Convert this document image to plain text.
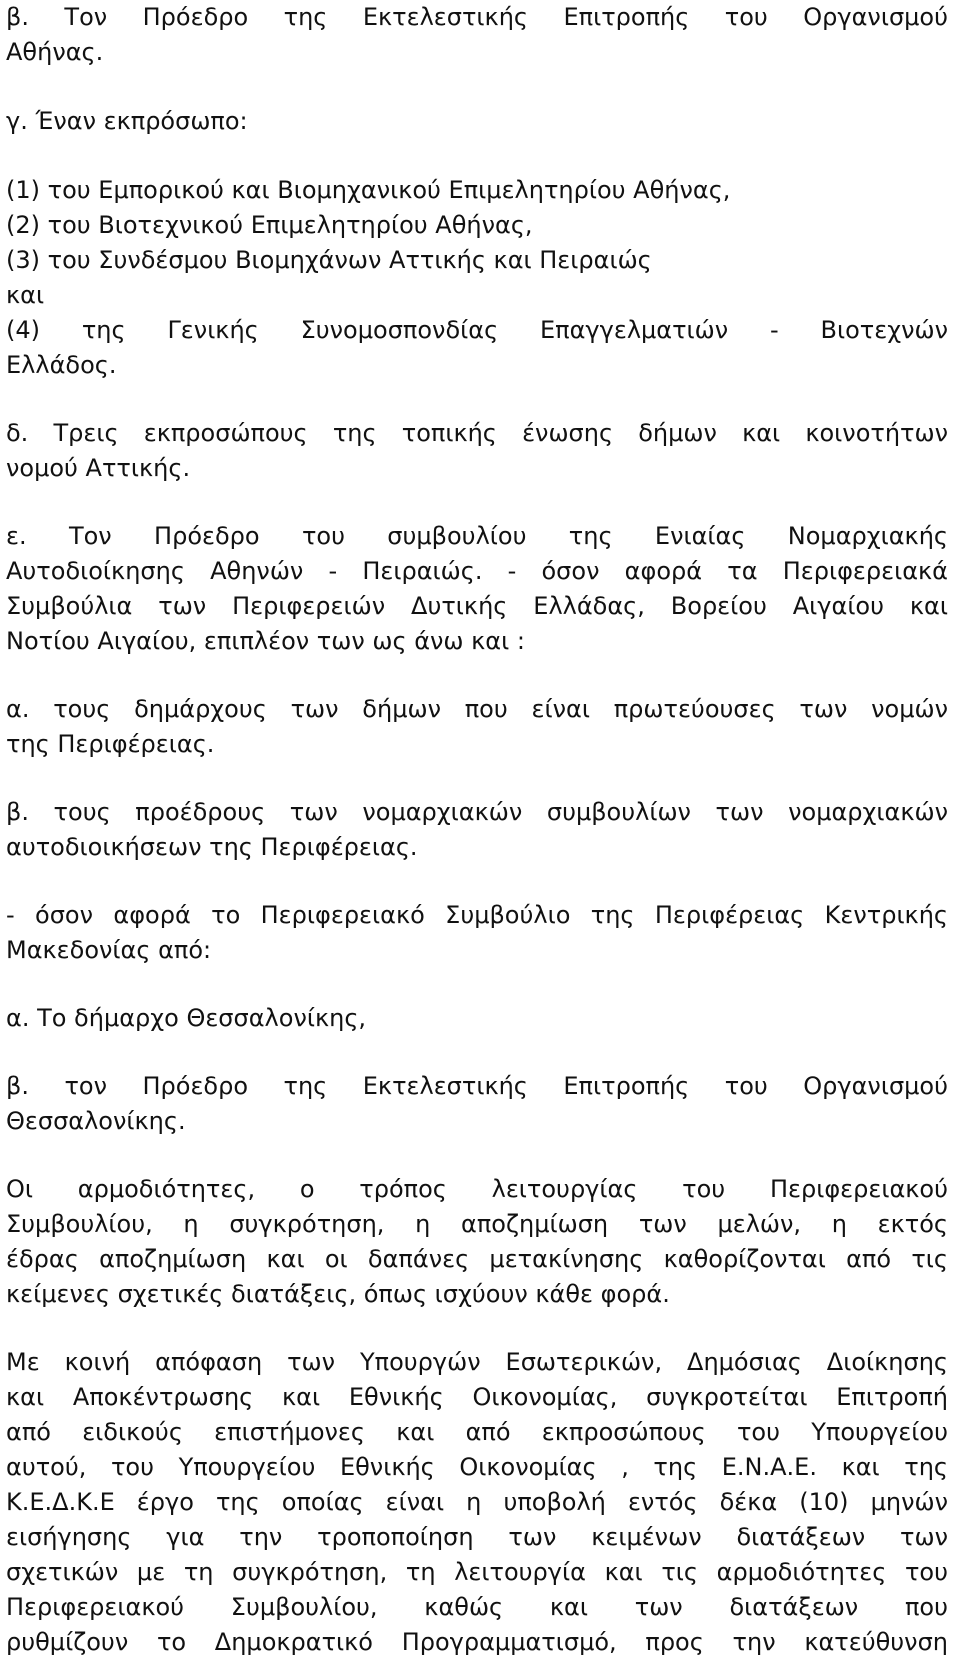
β. Τον Πρόεδρο της Εκτελεστικής Επιτροπής του Οργανισμού
Αθήνας.
γ. Έναν εκπρόσωπο:
(1) του Εμπορικού και Βιομηχανικού Επιμελητηρίου Αθήνας,
(2) του Βιοτεχνικού Επιμελητηρίου Αθήνας,
(3) του Συνδέσμου Βιομηχάνων Αττικής και Πειραιώς
και
(4) της Γενικής Συνομοσπονδίας Επαγγελματιών - Βιοτεχνών
Ελλάδος.
δ. Τρεις εκπροσώπους της τοπικής ένωσης δήμων και κοινοτήτων
νομού Αττικής.
ε. Τον Πρόεδρο του συμβουλίου της Ενιαίας Νομαρχιακής
Αυτοδιοίκησης Αθηνών - Πειραιώς. - όσον αφορά τα Περιφερειακά
Συμβούλια των Περιφερειών Δυτικής Ελλάδας, Βορείου Αιγαίου και
Νοτίου Αιγαίου, επιπλέον των ως άνω και :
α. τους δημάρχους των δήμων που είναι πρωτεύουσες των νομών
της Περιφέρειας.
β. τους προέδρους των νομαρχιακών συμβουλίων των νομαρχιακών
αυτοδιοικήσεων της Περιφέρειας.
- όσον αφορά το Περιφερειακό Συμβούλιο της Περιφέρειας Κεντρικής
Μακεδονίας από:
α. Το δήμαρχο Θεσσαλονίκης,
β. τον Πρόεδρο της Εκτελεστικής Επιτροπής του Οργανισμού
Θεσσαλονίκης.
Οι αρμοδιότητες, ο τρόπος λειτουργίας του Περιφερειακού
Συμβουλίου, η συγκρότηση, η αποζημίωση των μελών, η εκτός
έδρας αποζημίωση και οι δαπάνες μετακίνησης καθορίζονται από τις
κείμενες σχετικές διατάξεις, όπως ισχύουν κάθε φορά.
Με κοινή απόφαση των Υπουργών Εσωτερικών, Δημόσιας Διοίκησης
και Αποκέντρωσης και Εθνικής Οικονομίας, συγκροτείται Επιτροπή
από ειδικούς επιστήμονες και από εκπροσώπους του Υπουργείου
αυτού, του Υπουργείου Εθνικής Οικονομίας , της Ε.Ν.Α.Ε. και της
Κ.Ε.Δ.Κ.Ε έργο της οποίας είναι η υποβολή εντός δέκα (10) μηνών
εισήγησης για την τροποποίηση των κειμένων διατάξεων των
σχετικών με τη συγκρότηση, τη λειτουργία και τις αρμοδιότητες του
Περιφερειακού Συμβουλίου, καθώς και των διατάξεων που
ρυθμίζουν το Δημοκρατικό Προγραμματισμό, προς την κατεύθυνση
